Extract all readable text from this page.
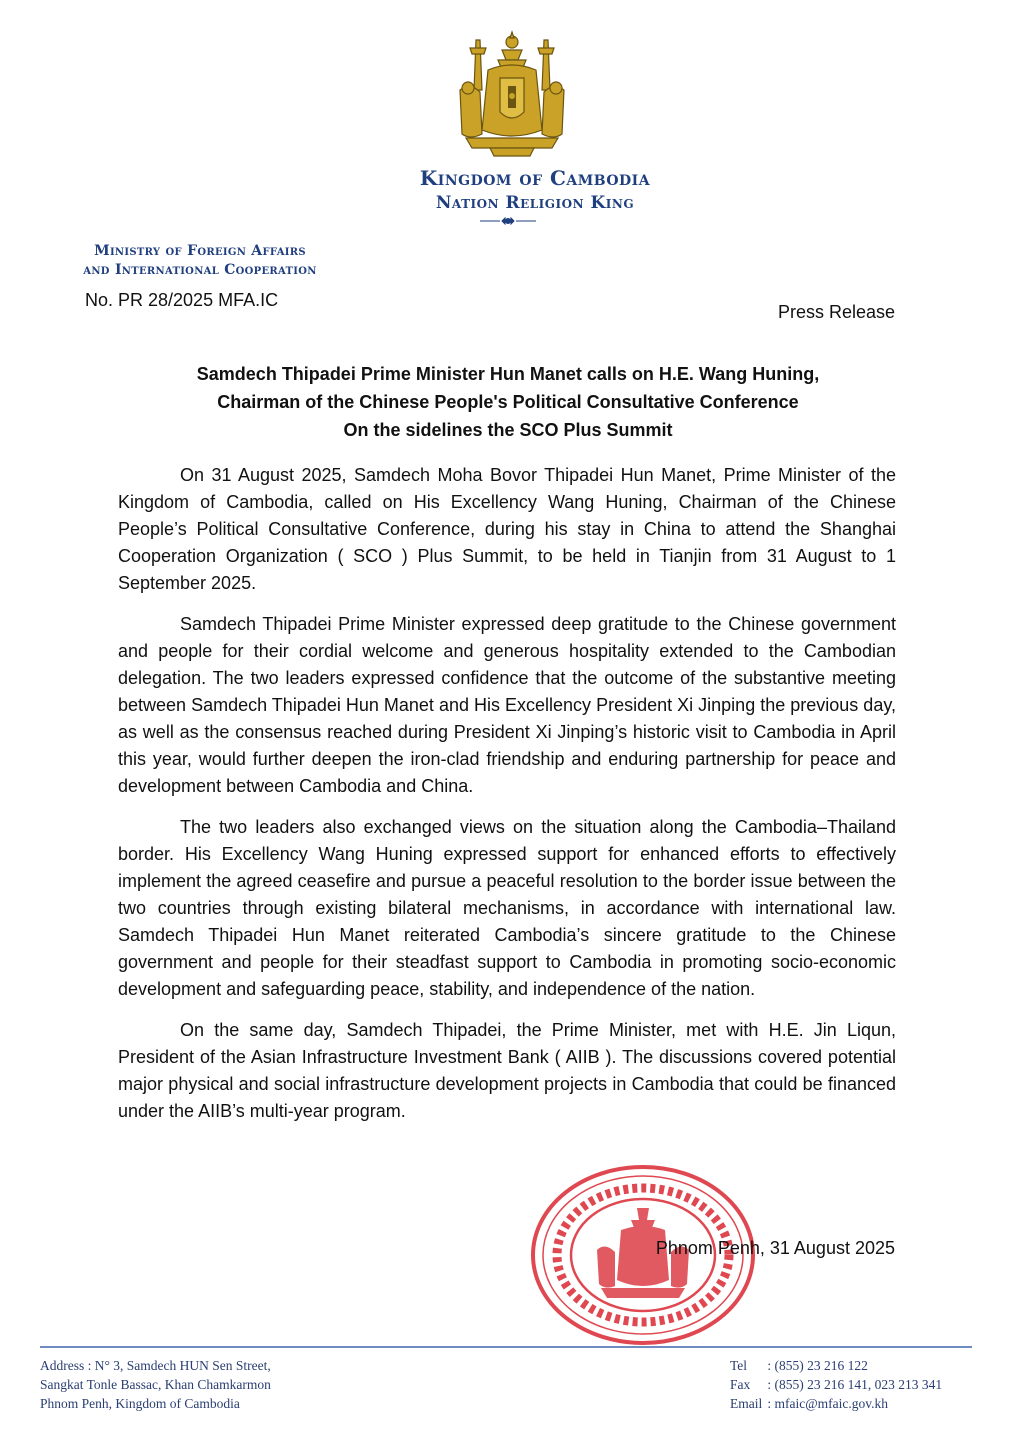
Kingdom of Cambodia
Nation Religion King
Ministry of Foreign Affairs
and International Cooperation
No. PR 28/2025 MFA.IC
Press Release
Samdech Thipadei Prime Minister Hun Manet calls on H.E. Wang Huning,
Chairman of the Chinese People's Political Consultative Conference
On the sidelines the SCO Plus Summit

On 31 August 2025, Samdech Moha Bovor Thipadei Hun Manet, Prime Minister of the Kingdom of Cambodia, called on His Excellency Wang Huning, Chairman of the Chinese People’s Political Consultative Conference, during his stay in China to attend the Shanghai Cooperation Organization ( SCO ) Plus Summit, to be held in Tianjin from 31 August to 1 September 2025.

Samdech Thipadei Prime Minister expressed deep gratitude to the Chinese government and people for their cordial welcome and generous hospitality extended to the Cambodian delegation. The two leaders expressed confidence that the outcome of the substantive meeting between Samdech Thipadei Hun Manet and His Excellency President Xi Jinping the previous day, as well as the consensus reached during President Xi Jinping’s historic visit to Cambodia in April this year, would further deepen the iron-clad friendship and enduring partnership for peace and development between Cambodia and China.

The two leaders also exchanged views on the situation along the Cambodia–Thailand border. His Excellency Wang Huning expressed support for enhanced efforts to effectively implement the agreed ceasefire and pursue a peaceful resolution to the border issue between the two countries through existing bilateral mechanisms, in accordance with international law. Samdech Thipadei Hun Manet reiterated Cambodia’s sincere gratitude to the Chinese government and people for their steadfast support to Cambodia in promoting socio-economic development and safeguarding peace, stability, and independence of the nation.

On the same day, Samdech Thipadei, the Prime Minister, met with H.E. Jin Liqun, President of the Asian Infrastructure Investment Bank ( AIIB ). The discussions covered potential major physical and social infrastructure development projects in Cambodia that could be financed under the AIIB’s multi-year program.

Phnom Penh, 31 August 2025
Address : N° 3, Samdech HUN Sen Street,
Sangkat Tonle Bassac, Khan Chamkarmon
Phnom Penh, Kingdom of Cambodia
Tel : (855) 23 216 122
Fax : (855) 23 216 141, 023 213 341
Email : mfaic@mfaic.gov.kh
